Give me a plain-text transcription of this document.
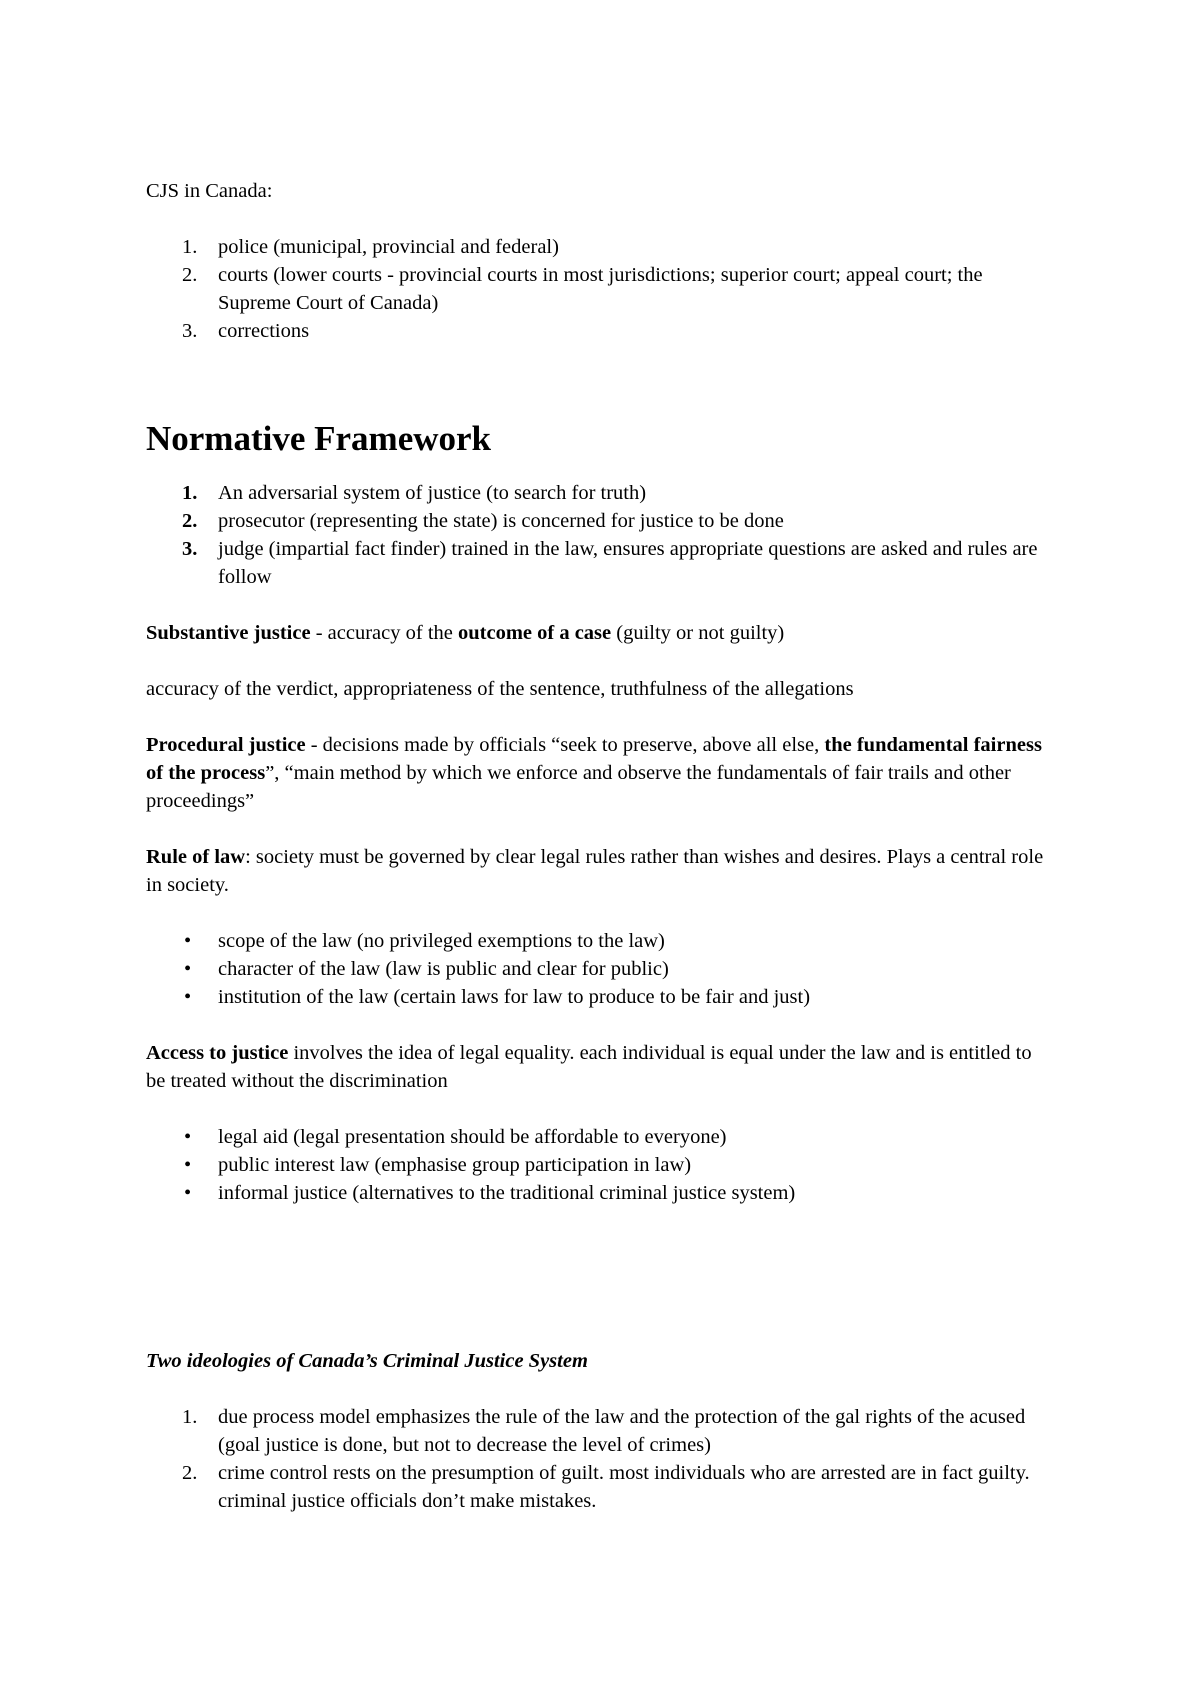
CJS in Canada:

1. police (municipal, provincial and federal)
2. courts (lower courts - provincial courts in most jurisdictions; superior court; appeal court; the Supreme Court of Canada)
3. corrections
Normative Framework
1. An adversarial system of justice (to search for truth)
2. prosecutor (representing the state) is concerned for justice to be done
3. judge (impartial fact finder) trained in the law, ensures appropriate questions are asked and rules are follow

Substantive justice - accuracy of the outcome of a case (guilty or not guilty)

accuracy of the verdict, appropriateness of the sentence, truthfulness of the allegations

Procedural justice - decisions made by officials “seek to preserve, above all else, the fundamental fairness of the process”, “main method by which we enforce and observe the fundamentals of fair trails and other proceedings”

Rule of law: society must be governed by clear legal rules rather than wishes and desires. Plays a central role in society.

• scope of the law (no privileged exemptions to the law)
• character of the law (law is public and clear for public)
• institution of the law (certain laws for law to produce to be fair and just)

Access to justice involves the idea of legal equality. each individual is equal under the law and is entitled to be treated without the discrimination

• legal aid (legal presentation should be affordable to everyone)
• public interest law (emphasise group participation in law)
• informal justice (alternatives to the traditional criminal justice system)

Two ideologies of Canada’s Criminal Justice System

1. due process model emphasizes the rule of the law and the protection of the gal rights of the acused (goal justice is done, but not to decrease the level of crimes)
2. crime control rests on the presumption of guilt. most individuals who are arrested are in fact guilty. criminal justice officials don’t make mistakes.
